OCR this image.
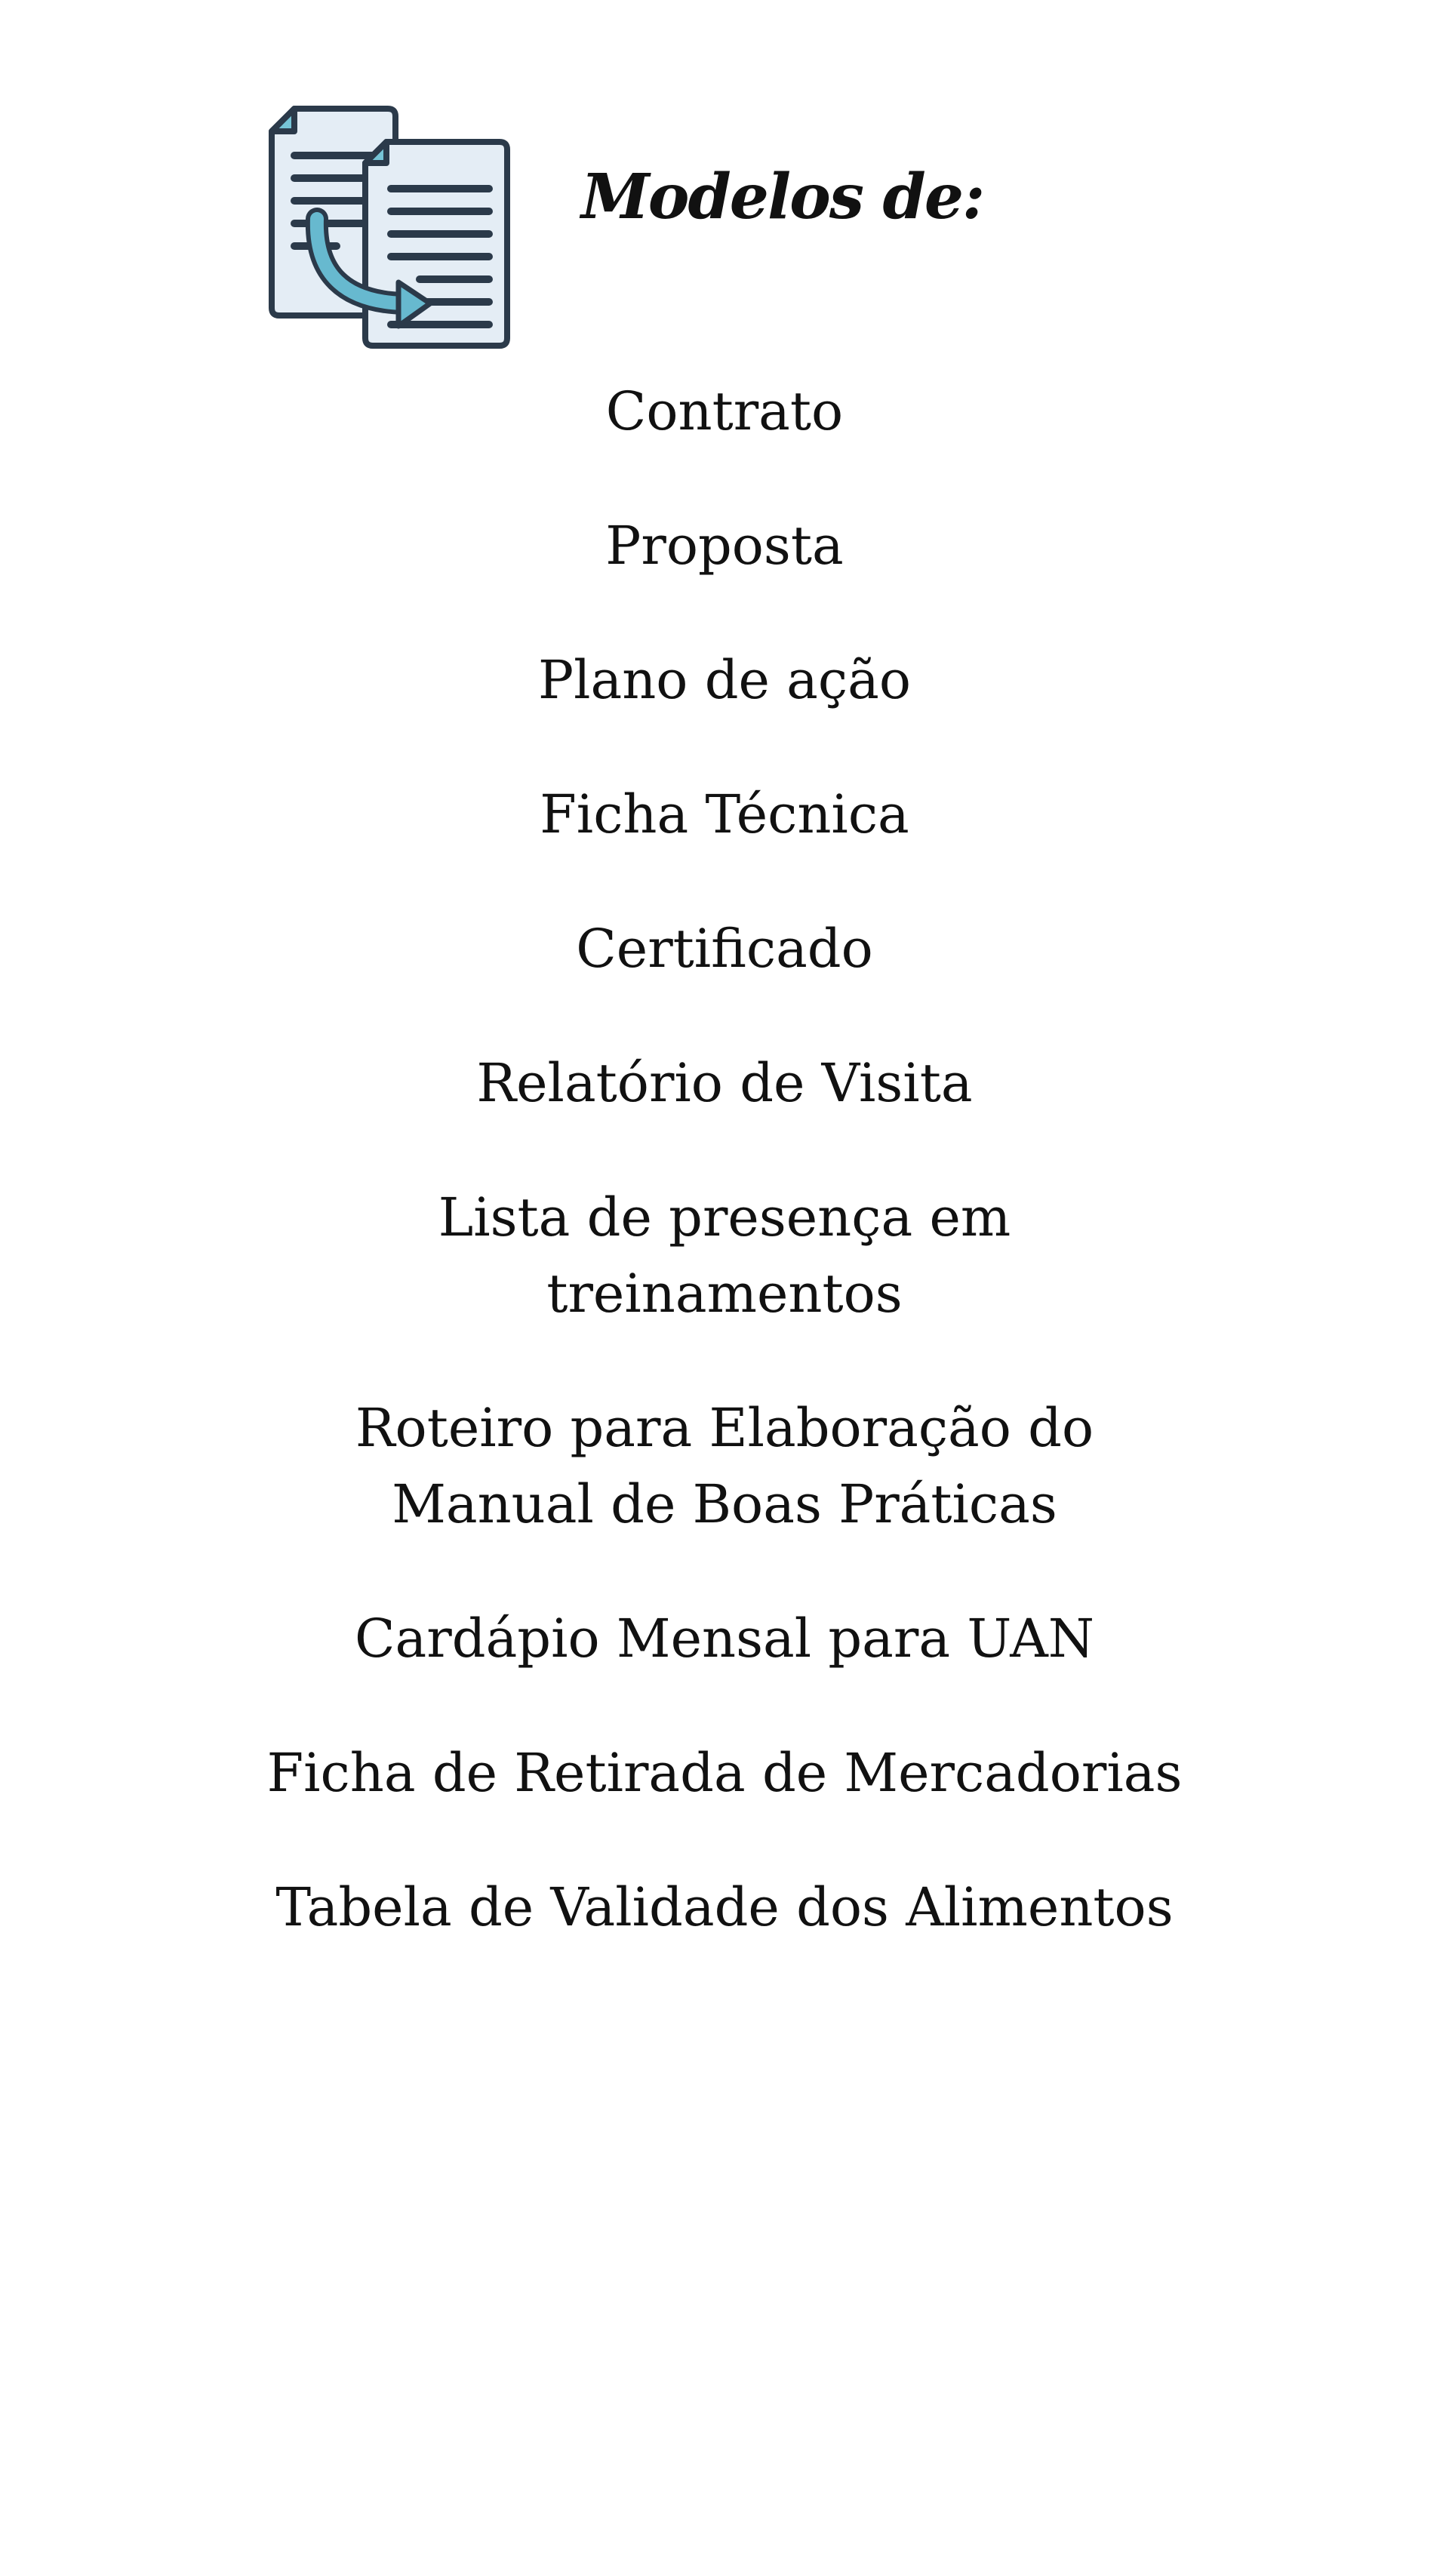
Modelos de:
Contrato
Proposta
Plano de ação
Ficha Técnica
Certificado
Relatório de Visita
Lista de presença em
treinamentos
Roteiro para Elaboração do
Manual de Boas Práticas
Cardápio Mensal para UAN
Ficha de Retirada de Mercadorias
Tabela de Validade dos Alimentos
